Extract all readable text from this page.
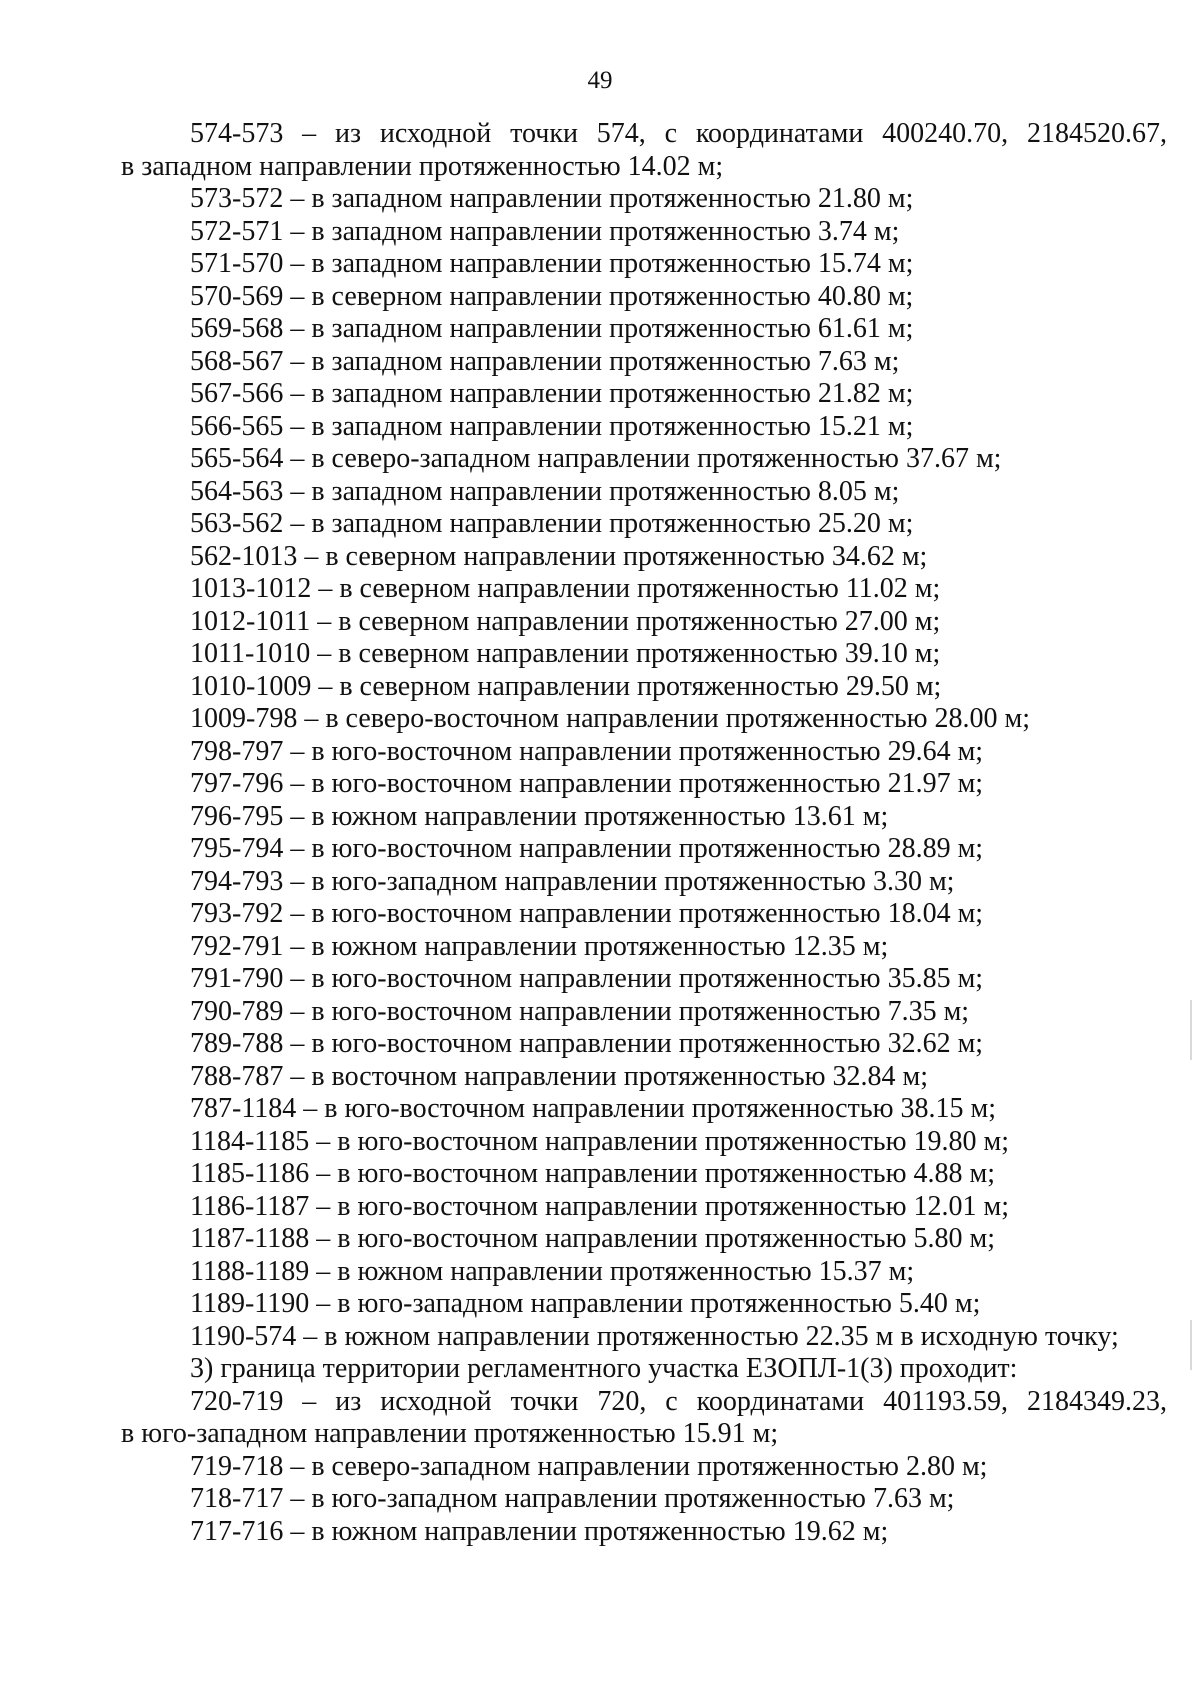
49

574-573 – из исходной точки 574, с координатами 400240.70, 2184520.67,
в западном направлении протяженностью 14.02 м;

573-572 – в западном направлении протяженностью 21.80 м;

572-571 – в западном направлении протяженностью 3.74 м;

571-570 – в западном направлении протяженностью 15.74 м;

570-569 – в северном направлении протяженностью 40.80 м;

569-568 – в западном направлении протяженностью 61.61 м;

568-567 – в западном направлении протяженностью 7.63 м;

567-566 – в западном направлении протяженностью 21.82 м;

566-565 – в западном направлении протяженностью 15.21 м;

565-564 – в северо-западном направлении протяженностью 37.67 м;

564-563 – в западном направлении протяженностью 8.05 м;

563-562 – в западном направлении протяженностью 25.20 м;

562-1013 – в северном направлении протяженностью 34.62 м;

1013-1012 – в северном направлении протяженностью 11.02 м;

1012-1011 – в северном направлении протяженностью 27.00 м;

1011-1010 – в северном направлении протяженностью 39.10 м;

1010-1009 – в северном направлении протяженностью 29.50 м;

1009-798 – в северо-восточном направлении протяженностью 28.00 м;

798-797 – в юго-восточном направлении протяженностью 29.64 м;

797-796 – в юго-восточном направлении протяженностью 21.97 м;

796-795 – в южном направлении протяженностью 13.61 м;

795-794 – в юго-восточном направлении протяженностью 28.89 м;

794-793 – в юго-западном направлении протяженностью 3.30 м;

793-792 – в юго-восточном направлении протяженностью 18.04 м;

792-791 – в южном направлении протяженностью 12.35 м;

791-790 – в юго-восточном направлении протяженностью 35.85 м;

790-789 – в юго-восточном направлении протяженностью 7.35 м;

789-788 – в юго-восточном направлении протяженностью 32.62 м;

788-787 – в восточном направлении протяженностью 32.84 м;

787-1184 – в юго-восточном направлении протяженностью 38.15 м;

1184-1185 – в юго-восточном направлении протяженностью 19.80 м;

1185-1186 – в юго-восточном направлении протяженностью 4.88 м;

1186-1187 – в юго-восточном направлении протяженностью 12.01 м;

1187-1188 – в юго-восточном направлении протяженностью 5.80 м;

1188-1189 – в южном направлении протяженностью 15.37 м;

1189-1190 – в юго-западном направлении протяженностью 5.40 м;

1190-574 – в южном направлении протяженностью 22.35 м в исходную точку;

3) граница территории регламентного участка ЕЗОПЛ-1(3) проходит:

720-719 – из исходной точки 720, с координатами 401193.59, 2184349.23,
в юго-западном направлении протяженностью 15.91 м;

719-718 – в северо-западном направлении протяженностью 2.80 м;

718-717 – в юго-западном направлении протяженностью 7.63 м;

717-716 – в южном направлении протяженностью 19.62 м;
